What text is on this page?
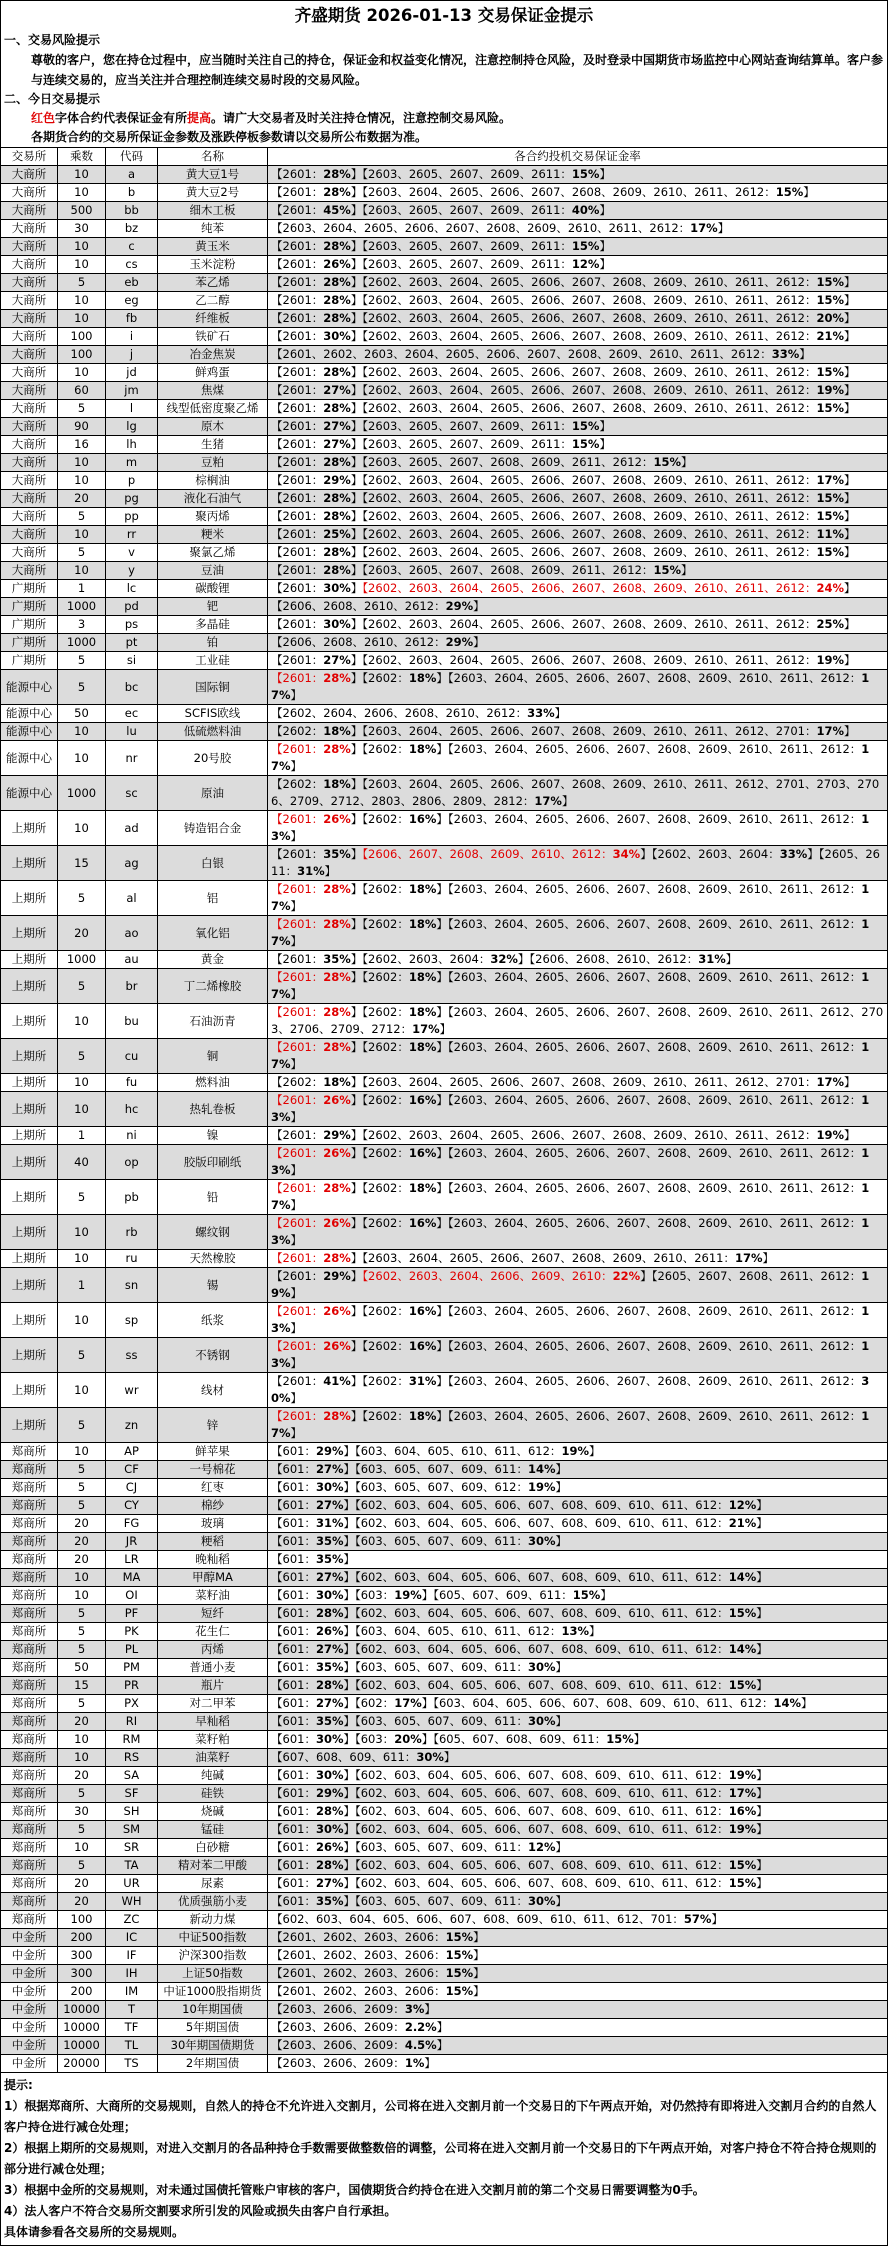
齐盛期货 2026-01-13 交易保证金提示
一、交易风险提示
尊敬的客户，您在持仓过程中，应当随时关注自己的持仓，保证金和权益变化情况，注意控制持仓风险，及时登录中国期货市场监控中心网站查询结算单。客户参与连续交易的，应当关注并合理控制连续交易时段的交易风险。
二、今日交易提示
红色字体合约代表保证金有所提高。请广大交易者及时关注持仓情况，注意控制交易风险。
各期货合约的交易所保证金参数及涨跌停板参数请以交易所公布数据为准。
交易所	乘数	代码	名称	各合约投机交易保证金率
大商所	10	a	黄大豆1号	【2601：28%】【2603、2605、2607、2609、2611：15%】
大商所	10	b	黄大豆2号	【2601：28%】【2603、2604、2605、2606、2607、2608、2609、2610、2611、2612：15%】
大商所	500	bb	细木工板	【2601：45%】【2603、2605、2607、2609、2611：40%】
大商所	30	bz	纯苯	【2603、2604、2605、2606、2607、2608、2609、2610、2611、2612：17%】
大商所	10	c	黄玉米	【2601：28%】【2603、2605、2607、2609、2611：15%】
大商所	10	cs	玉米淀粉	【2601：26%】【2603、2605、2607、2609、2611：12%】
大商所	5	eb	苯乙烯	【2601：28%】【2602、2603、2604、2605、2606、2607、2608、2609、2610、2611、2612：15%】
大商所	10	eg	乙二醇	【2601：28%】【2602、2603、2604、2605、2606、2607、2608、2609、2610、2611、2612：15%】
大商所	10	fb	纤维板	【2601：28%】【2602、2603、2604、2605、2606、2607、2608、2609、2610、2611、2612：20%】
大商所	100	i	铁矿石	【2601：30%】【2602、2603、2604、2605、2606、2607、2608、2609、2610、2611、2612：21%】
大商所	100	j	冶金焦炭	【2601、2602、2603、2604、2605、2606、2607、2608、2609、2610、2611、2612：33%】
大商所	10	jd	鲜鸡蛋	【2601：28%】【2602、2603、2604、2605、2606、2607、2608、2609、2610、2611、2612：15%】
大商所	60	jm	焦煤	【2601：27%】【2602、2603、2604、2605、2606、2607、2608、2609、2610、2611、2612：19%】
大商所	5	l	线型低密度聚乙烯	【2601：28%】【2602、2603、2604、2605、2606、2607、2608、2609、2610、2611、2612：15%】
大商所	90	lg	原木	【2601：27%】【2603、2605、2607、2609、2611：15%】
大商所	16	lh	生猪	【2601：27%】【2603、2605、2607、2609、2611：15%】
大商所	10	m	豆粕	【2601：28%】【2603、2605、2607、2608、2609、2611、2612：15%】
大商所	10	p	棕榈油	【2601：29%】【2602、2603、2604、2605、2606、2607、2608、2609、2610、2611、2612：17%】
大商所	20	pg	液化石油气	【2601：28%】【2602、2603、2604、2605、2606、2607、2608、2609、2610、2611、2612：15%】
大商所	5	pp	聚丙烯	【2601：28%】【2602、2603、2604、2605、2606、2607、2608、2609、2610、2611、2612：15%】
大商所	10	rr	粳米	【2601：25%】【2602、2603、2604、2605、2606、2607、2608、2609、2610、2611、2612：11%】
大商所	5	v	聚氯乙烯	【2601：28%】【2602、2603、2604、2605、2606、2607、2608、2609、2610、2611、2612：15%】
大商所	10	y	豆油	【2601：28%】【2603、2605、2607、2608、2609、2611、2612：15%】
广期所	1	lc	碳酸锂	【2601：30%】【2602、2603、2604、2605、2606、2607、2608、2609、2610、2611、2612：24%】
广期所	1000	pd	钯	【2606、2608、2610、2612：29%】
广期所	3	ps	多晶硅	【2601：30%】【2602、2603、2604、2605、2606、2607、2608、2609、2610、2611、2612：25%】
广期所	1000	pt	铂	【2606、2608、2610、2612：29%】
广期所	5	si	工业硅	【2601：27%】【2602、2603、2604、2605、2606、2607、2608、2609、2610、2611、2612：19%】
能源中心	5	bc	国际铜	【2601：28%】【2602：18%】【2603、2604、2605、2606、2607、2608、2609、2610、2611、2612：17%】
能源中心	50	ec	SCFIS欧线	【2602、2604、2606、2608、2610、2612：33%】
能源中心	10	lu	低硫燃料油	【2602：18%】【2603、2604、2605、2606、2607、2608、2609、2610、2611、2612、2701：17%】
能源中心	10	nr	20号胶	【2601：28%】【2602：18%】【2603、2604、2605、2606、2607、2608、2609、2610、2611、2612：17%】
能源中心	1000	sc	原油	【2602：18%】【2603、2604、2605、2606、2607、2608、2609、2610、2611、2612、2701、2703、2706、2709、2712、2803、2806、2809、2812：17%】
上期所	10	ad	铸造铝合金	【2601：26%】【2602：16%】【2603、2604、2605、2606、2607、2608、2609、2610、2611、2612：13%】
上期所	15	ag	白银	【2601：35%】【2606、2607、2608、2609、2610、2612：34%】【2602、2603、2604：33%】【2605、2611：31%】
上期所	5	al	铝	【2601：28%】【2602：18%】【2603、2604、2605、2606、2607、2608、2609、2610、2611、2612：17%】
上期所	20	ao	氧化铝	【2601：28%】【2602：18%】【2603、2604、2605、2606、2607、2608、2609、2610、2611、2612：17%】
上期所	1000	au	黄金	【2601：35%】【2602、2603、2604：32%】【2606、2608、2610、2612：31%】
上期所	5	br	丁二烯橡胶	【2601：28%】【2602：18%】【2603、2604、2605、2606、2607、2608、2609、2610、2611、2612：17%】
上期所	10	bu	石油沥青	【2601：28%】【2602：18%】【2603、2604、2605、2606、2607、2608、2609、2610、2611、2612、2703、2706、2709、2712：17%】
上期所	5	cu	铜	【2601：28%】【2602：18%】【2603、2604、2605、2606、2607、2608、2609、2610、2611、2612：17%】
上期所	10	fu	燃料油	【2602：18%】【2603、2604、2605、2606、2607、2608、2609、2610、2611、2612、2701：17%】
上期所	10	hc	热轧卷板	【2601：26%】【2602：16%】【2603、2604、2605、2606、2607、2608、2609、2610、2611、2612：13%】
上期所	1	ni	镍	【2601：29%】【2602、2603、2604、2605、2606、2607、2608、2609、2610、2611、2612：19%】
上期所	40	op	胶版印刷纸	【2601：26%】【2602：16%】【2603、2604、2605、2606、2607、2608、2609、2610、2611、2612：13%】
上期所	5	pb	铅	【2601：28%】【2602：18%】【2603、2604、2605、2606、2607、2608、2609、2610、2611、2612：17%】
上期所	10	rb	螺纹钢	【2601：26%】【2602：16%】【2603、2604、2605、2606、2607、2608、2609、2610、2611、2612：13%】
上期所	10	ru	天然橡胶	【2601：28%】【2603、2604、2605、2606、2607、2608、2609、2610、2611：17%】
上期所	1	sn	锡	【2601：29%】【2602、2603、2604、2606、2609、2610：22%】【2605、2607、2608、2611、2612：19%】
上期所	10	sp	纸浆	【2601：26%】【2602：16%】【2603、2604、2605、2606、2607、2608、2609、2610、2611、2612：13%】
上期所	5	ss	不锈钢	【2601：26%】【2602：16%】【2603、2604、2605、2606、2607、2608、2609、2610、2611、2612：13%】
上期所	10	wr	线材	【2601：41%】【2602：31%】【2603、2604、2605、2606、2607、2608、2609、2610、2611、2612：30%】
上期所	5	zn	锌	【2601：28%】【2602：18%】【2603、2604、2605、2606、2607、2608、2609、2610、2611、2612：17%】
郑商所	10	AP	鲜苹果	【601：29%】【603、604、605、610、611、612：19%】
郑商所	5	CF	一号棉花	【601：27%】【603、605、607、609、611：14%】
郑商所	5	CJ	红枣	【601：30%】【603、605、607、609、612：19%】
郑商所	5	CY	棉纱	【601：27%】【602、603、604、605、606、607、608、609、610、611、612：12%】
郑商所	20	FG	玻璃	【601：31%】【602、603、604、605、606、607、608、609、610、611、612：21%】
郑商所	20	JR	粳稻	【601：35%】【603、605、607、609、611：30%】
郑商所	20	LR	晚籼稻	【601：35%】
郑商所	10	MA	甲醇MA	【601：27%】【602、603、604、605、606、607、608、609、610、611、612：14%】
郑商所	10	OI	菜籽油	【601：30%】【603：19%】【605、607、609、611：15%】
郑商所	5	PF	短纤	【601：28%】【602、603、604、605、606、607、608、609、610、611、612：15%】
郑商所	5	PK	花生仁	【601：26%】【603、604、605、610、611、612：13%】
郑商所	5	PL	丙烯	【601：27%】【602、603、604、605、606、607、608、609、610、611、612：14%】
郑商所	50	PM	普通小麦	【601：35%】【603、605、607、609、611：30%】
郑商所	15	PR	瓶片	【601：28%】【602、603、604、605、606、607、608、609、610、611、612：15%】
郑商所	5	PX	对二甲苯	【601：27%】【602：17%】【603、604、605、606、607、608、609、610、611、612：14%】
郑商所	20	RI	早籼稻	【601：35%】【603、605、607、609、611：30%】
郑商所	10	RM	菜籽粕	【601：30%】【603：20%】【605、607、608、609、611：15%】
郑商所	10	RS	油菜籽	【607、608、609、611：30%】
郑商所	20	SA	纯碱	【601：30%】【602、603、604、605、606、607、608、609、610、611、612：19%】
郑商所	5	SF	硅铁	【601：29%】【602、603、604、605、606、607、608、609、610、611、612：17%】
郑商所	30	SH	烧碱	【601：28%】【602、603、604、605、606、607、608、609、610、611、612：16%】
郑商所	5	SM	锰硅	【601：30%】【602、603、604、605、606、607、608、609、610、611、612：19%】
郑商所	10	SR	白砂糖	【601：26%】【603、605、607、609、611：12%】
郑商所	5	TA	精对苯二甲酸	【601：28%】【602、603、604、605、606、607、608、609、610、611、612：15%】
郑商所	20	UR	尿素	【601：27%】【602、603、604、605、606、607、608、609、610、611、612：15%】
郑商所	20	WH	优质强筋小麦	【601：35%】【603、605、607、609、611：30%】
郑商所	100	ZC	新动力煤	【602、603、604、605、606、607、608、609、610、611、612、701：57%】
中金所	200	IC	中证500指数	【2601、2602、2603、2606：15%】
中金所	300	IF	沪深300指数	【2601、2602、2603、2606：15%】
中金所	300	IH	上证50指数	【2601、2602、2603、2606：15%】
中金所	200	IM	中证1000股指期货	【2601、2602、2603、2606：15%】
中金所	10000	T	10年期国债	【2603、2606、2609：3%】
中金所	10000	TF	5年期国债	【2603、2606、2609：2.2%】
中金所	10000	TL	30年期国债期货	【2603、2606、2609：4.5%】
中金所	20000	TS	2年期国债	【2603、2606、2609：1%】
提示:
1）根据郑商所、大商所的交易规则，自然人的持仓不允许进入交割月，公司将在进入交割月前一个交易日的下午两点开始，对仍然持有即将进入交割月合约的自然人客户持仓进行减仓处理；
2）根据上期所的交易规则，对进入交割月的各品种持仓手数需要做整数倍的调整，公司将在进入交割月前一个交易日的下午两点开始，对客户持仓不符合持仓规则的部分进行减仓处理；
3）根据中金所的交易规则，对未通过国债托管账户审核的客户，国债期货合约持仓在进入交割月前的第二个交易日需要调整为0手。
4）法人客户不符合交易所交割要求所引发的风险或损失由客户自行承担。
具体请参看各交易所的交易规则。
